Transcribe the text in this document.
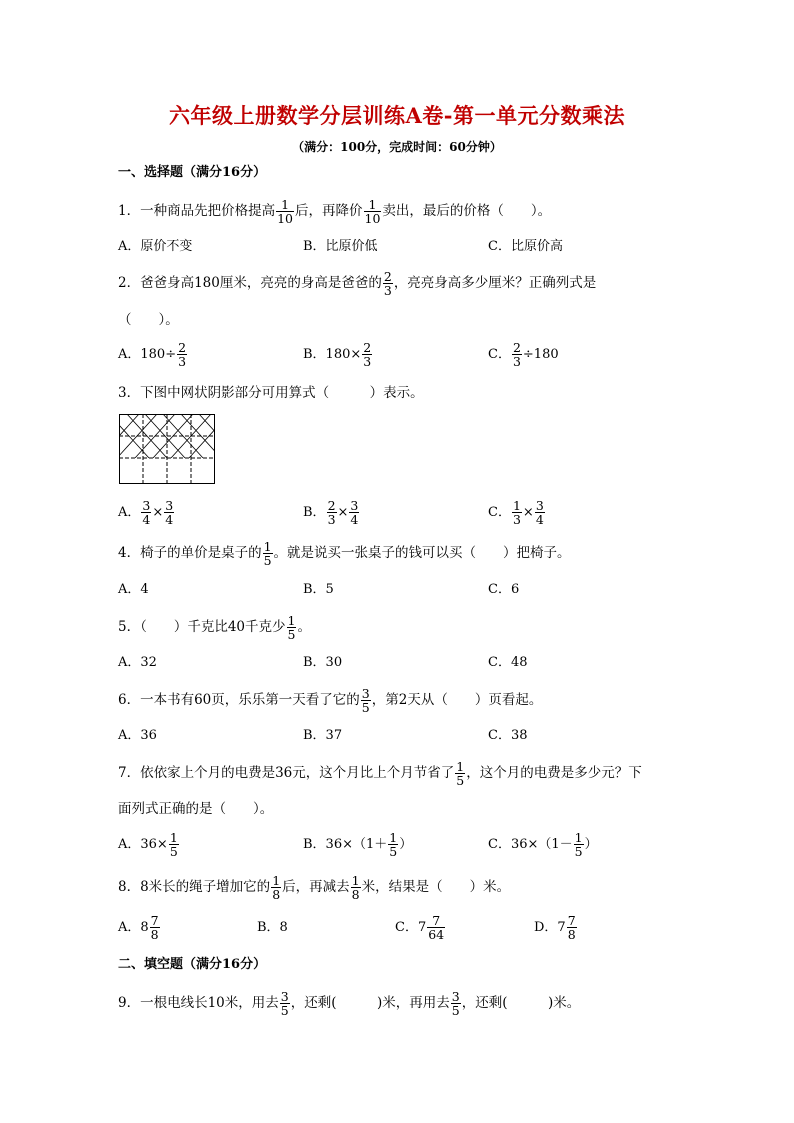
六年级上册数学分层训练A卷-第一单元分数乘法
（满分：100分，完成时间：60分钟）
一、选择题（满分16分）
1．一种商品先把价格提高 $\frac{1}{10}$ 后，再降价 $\frac{1}{10}$ 卖出，最后的价格（　　）。
A．原价不变	B．比原价低	C．比原价高
2．爸爸身高180厘米，亮亮的身高是爸爸的 $\frac{2}{3}$ ，亮亮身高多少厘米？正确列式是
（　　）。
A．$180\div \frac{2}{3}$	B．$180\times \frac{2}{3}$	C． $\frac{2}{3} \div 180$
3．下图中网状阴影部分可用算式（　　　）表示。
A． $\frac{3}{4} \times \frac{3}{4}$	B． $\frac{2}{3} \times \frac{3}{4}$	C． $\frac{1}{3} \times \frac{3}{4}$
4．椅子的单价是桌子的 $\frac{1}{5}$ 。就是说买一张桌子的钱可以买（　　）把椅子。
A．4	B．5	C．6
5．（　　）千克比40千克少 $\frac{1}{5}$ 。
A．32	B．30	C．48
6．一本书有60页，乐乐第一天看了它的 $\frac{3}{5}$ ，第2天从（　　）页看起。
A．36	B．37	C．38
7．依依家上个月的电费是36元，这个月比上个月节省了 $\frac{1}{5}$ ，这个月的电费是多少元？下
面列式正确的是（　　）。
A．$36\times \frac{1}{5}$	B．$36\times(1+ \frac{1}{5}$ ）	C．$36\times(1- \frac{1}{5}$ ）
8．8米长的绳子增加它的 $\frac{1}{8}$ 后，再减去 $\frac{1}{8}$ 米，结果是（　　）米。
A．$8 \frac{7}{8}$	B．8	C．$7 \frac{7}{64}$	D．$7 \frac{7}{8}$
二、填空题（满分16分）
9．一根电线长10米，用去 $\frac{3}{5}$ ，还剩(　　　)米，再用去 $\frac{3}{5}$ ，还剩(　　　)米。
